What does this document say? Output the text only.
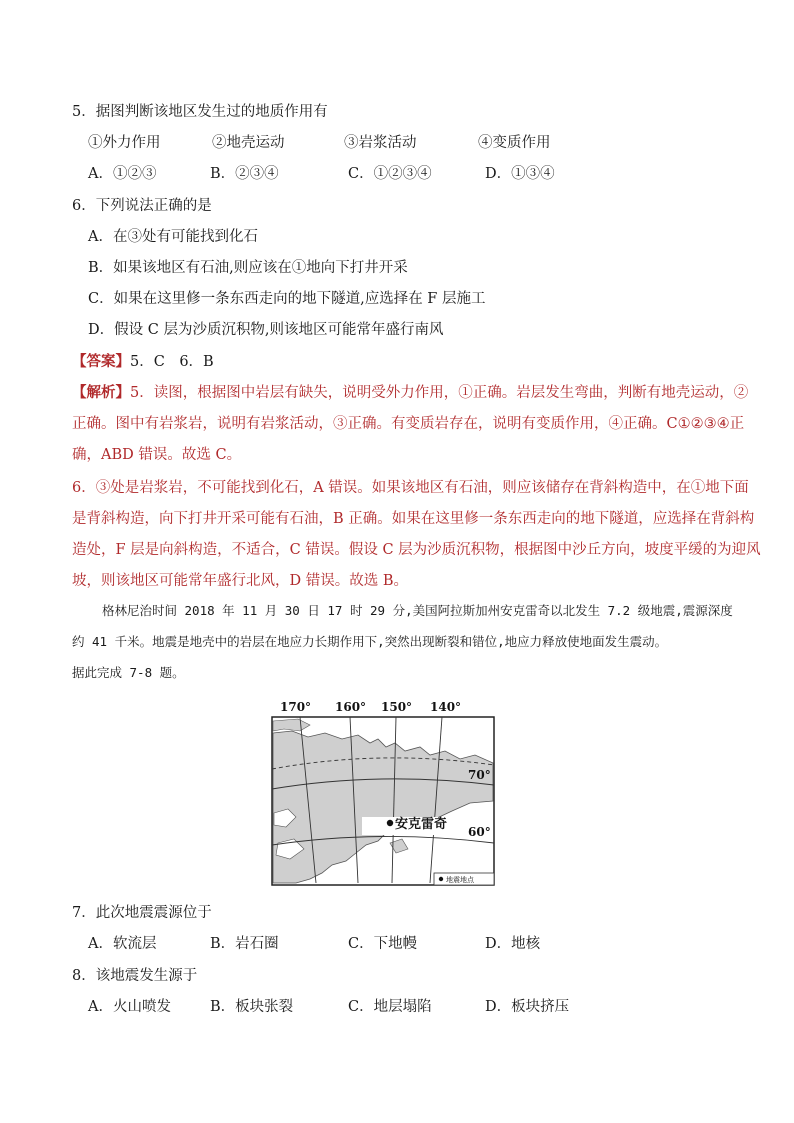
5．据图判断该地区发生过的地质作用有
①外力作用	②地壳运动	③岩浆活动	④变质作用
A．①②③	B．②③④	C．①②③④	D．①③④
6．下列说法正确的是
A．在③处有可能找到化石
B．如果该地区有石油,则应该在①地向下打井开采
C．如果在这里修一条东西走向的地下隧道,应选择在 F 层施工
D．假设 C 层为沙质沉积物,则该地区可能常年盛行南风
【答案】5．C　6．B
【解析】5．读图，根据图中岩层有缺失，说明受外力作用，①正确。岩层发生弯曲，判断有地壳运动，②
正确。图中有岩浆岩，说明有岩浆活动，③正确。有变质岩存在，说明有变质作用，④正确。C①②③④正
确，ABD 错误。故选 C。
6．③处是岩浆岩，不可能找到化石，A 错误。如果该地区有石油，则应该储存在背斜构造中，在①地下面
是背斜构造，向下打井开采可能有石油，B 正确。如果在这里修一条东西走向的地下隧道，应选择在背斜构
造处，F 层是向斜构造，不适合，C 错误。假设 C 层为沙质沉积物，根据图中沙丘方向，坡度平缓的为迎风
坡，则该地区可能常年盛行北风，D 错误。故选 B。
格林尼治时间 2018 年 11 月 30 日 17 时 29 分,美国阿拉斯加州安克雷奇以北发生 7.2 级地震,震源深度
约 41 千米。地震是地壳中的岩层在地应力长期作用下,突然出现断裂和错位,地应力释放使地面发生震动。
据此完成 7-8 题。
170° 160° 150° 140°
70°
60°
安克雷奇
地震地点
7．此次地震震源位于
A．软流层	B．岩石圈	C．下地幔	D．地核
8．该地震发生源于
A．火山喷发	B．板块张裂	C．地层塌陷	D．板块挤压
